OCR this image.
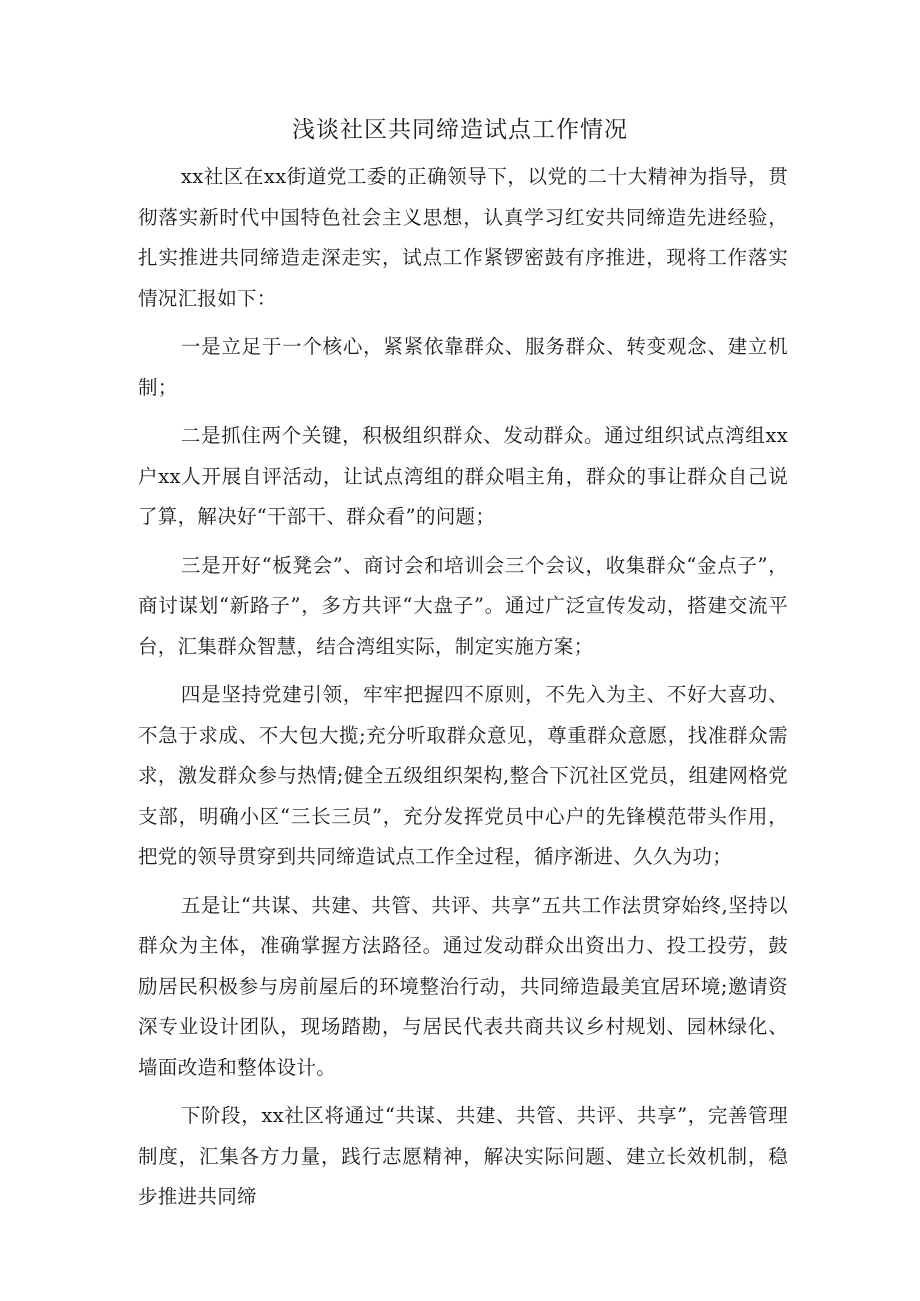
浅谈社区共同缔造试点工作情况

xx社区在xx街道党工委的正确领导下，以党的二十大精神为指导，贯彻落实新时代中国特色社会主义思想，认真学习红安共同缔造先进经验，扎实推进共同缔造走深走实，试点工作紧锣密鼓有序推进，现将工作落实情况汇报如下：

一是立足于一个核心，紧紧依靠群众、服务群众、转变观念、建立机制；

二是抓住两个关键，积极组织群众、发动群众。通过组织试点湾组xx户xx人开展自评活动，让试点湾组的群众唱主角，群众的事让群众自己说了算，解决好“干部干、群众看”的问题；

三是开好“板凳会”、商讨会和培训会三个会议，收集群众“金点子”，商讨谋划“新路子”，多方共评“大盘子”。通过广泛宣传发动，搭建交流平台，汇集群众智慧，结合湾组实际，制定实施方案；

四是坚持党建引领，牢牢把握四不原则，不先入为主、不好大喜功、不急于求成、不大包大揽;充分听取群众意见，尊重群众意愿，找准群众需求，激发群众参与热情;健全五级组织架构,整合下沉社区党员，组建网格党支部，明确小区“三长三员”，充分发挥党员中心户的先锋模范带头作用，把党的领导贯穿到共同缔造试点工作全过程，循序渐进、久久为功；

五是让“共谋、共建、共管、共评、共享”五共工作法贯穿始终,坚持以群众为主体，准确掌握方法路径。通过发动群众出资出力、投工投劳，鼓励居民积极参与房前屋后的环境整治行动，共同缔造最美宜居环境;邀请资深专业设计团队，现场踏勘，与居民代表共商共议乡村规划、园林绿化、墙面改造和整体设计。

下阶段，xx社区将通过“共谋、共建、共管、共评、共享”，完善管理制度，汇集各方力量，践行志愿精神，解决实际问题、建立长效机制，稳步推进共同缔
